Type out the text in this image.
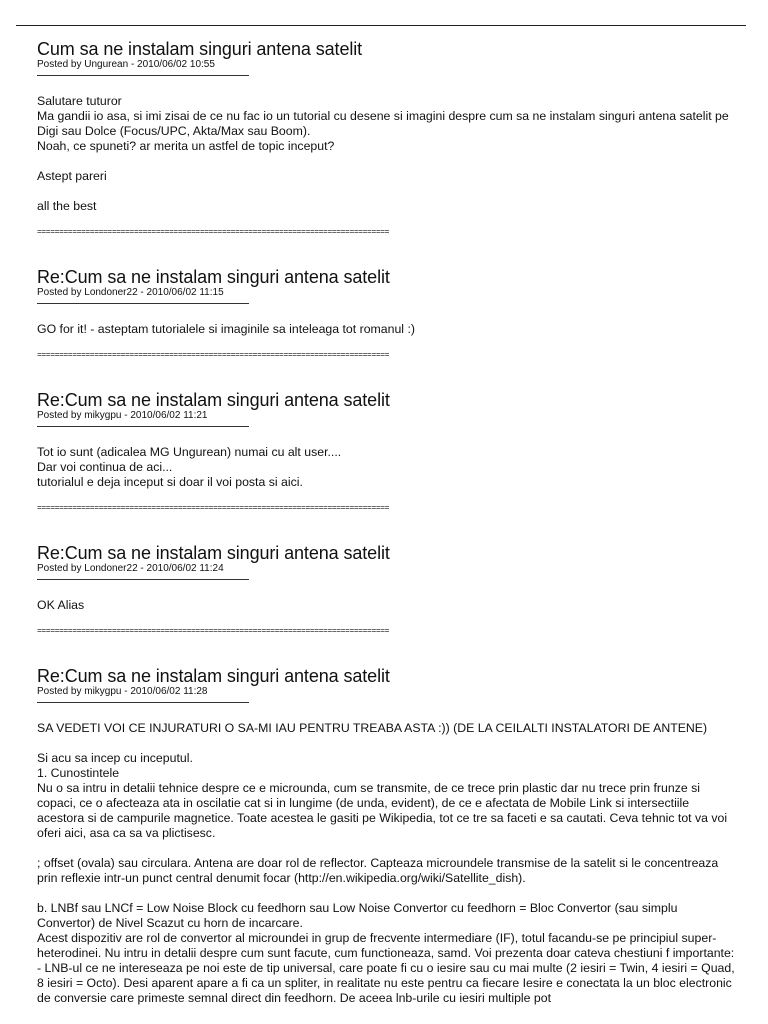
Cum sa ne instalam singuri antena satelit
Posted by Ungurean - 2010/06/02 10:55

Salutare tuturor

Ma gandii io asa, si imi zisai de ce nu fac io un tutorial cu desene si imagini despre cum sa ne instalam singuri antena satelit pe Digi sau Dolce (Focus/UPC, Akta/Max sau Boom).

Noah, ce spuneti? ar merita un astfel de topic inceput?

Astept pareri

all the best

================================================================================
Re:Cum sa ne instalam singuri antena satelit
Posted by Londoner22 - 2010/06/02 11:15

GO for it! - asteptam tutorialele si imaginile sa inteleaga tot romanul :)

================================================================================
Re:Cum sa ne instalam singuri antena satelit
Posted by mikygpu - 2010/06/02 11:21

Tot io sunt (adicalea MG Ungurean) numai cu alt user....

Dar voi continua de aci...

tutorialul e deja inceput si doar il voi posta si aici.

================================================================================
Re:Cum sa ne instalam singuri antena satelit
Posted by Londoner22 - 2010/06/02 11:24

OK Alias

================================================================================
Re:Cum sa ne instalam singuri antena satelit
Posted by mikygpu - 2010/06/02 11:28

SA VEDETI VOI CE INJURATURI O SA-MI IAU PENTRU TREABA ASTA :)) (DE LA CEILALTI INSTALATORI DE ANTENE)

Si acu sa incep cu inceputul.

1. Cunostintele

Nu o sa intru in detalii tehnice despre ce e microunda, cum se transmite, de ce trece prin plastic dar nu trece prin frunze si copaci, ce o afecteaza ata in oscilatie cat si in lungime (de unda, evident), de ce e afectata de Mobile Link si intersectiile acestora si de campurile magnetice. Toate acestea le gasiti pe Wikipedia, tot ce tre sa faceti e sa cautati. Ceva tehnic tot va voi oferi aici, asa ca sa va plictisesc.

; offset (ovala) sau circulara. Antena are doar rol de reflector. Capteaza microundele transmise de la satelit si le concentreaza prin reflexie intr-un punct central denumit focar (http://en.wikipedia.org/wiki/Satellite_dish).

b. LNBf sau LNCf = Low Noise Block cu feedhorn sau Low Noise Convertor cu feedhorn = Bloc Convertor (sau simplu Convertor) de Nivel Scazut cu horn de incarcare.

Acest dispozitiv are rol de convertor al microundei in grup de frecvente intermediare (IF), totul facandu-se pe principiul super-heterodinei. Nu intru in detalii despre cum sunt facute, cum functioneaza, samd. Voi prezenta doar cateva chestiuni f importante:

- LNB-ul ce ne intereseaza pe noi este de tip universal, care poate fi cu o iesire sau cu mai multe (2 iesiri = Twin, 4 iesiri = Quad, 8 iesiri = Octo). Desi aparent apare a fi ca un spliter, in realitate nu este pentru ca fiecare Iesire e conectata la un bloc electronic de conversie care primeste semnal direct din feedhorn. De aceea lnb-urile cu iesiri multiple pot
